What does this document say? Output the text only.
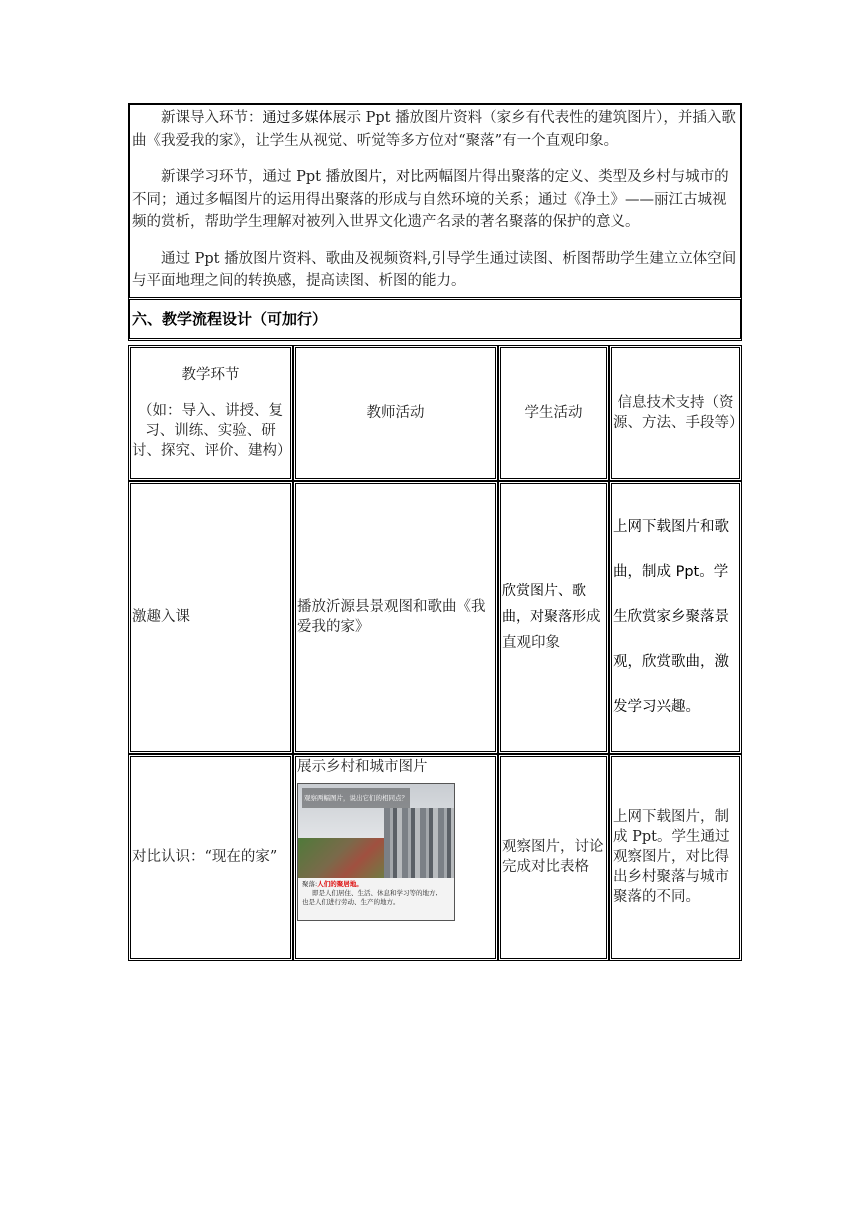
新课导入环节：通过多媒体展示 Ppt 播放图片资料（家乡有代表性的建筑图片），并插入歌曲《我爱我的家》，让学生从视觉、听觉等多方位对“聚落”有一个直观印象。

新课学习环节，通过 Ppt 播放图片，对比两幅图片得出聚落的定义、类型及乡村与城市的不同；通过多幅图片的运用得出聚落的形成与自然环境的关系；通过《净土》——丽江古城视频的赏析，帮助学生理解对被列入世界文化遗产名录的著名聚落的保护的意义。

通过 Ppt 播放图片资料、歌曲及视频资料,引导学生通过读图、析图帮助学生建立立体空间与平面地理之间的转换感，提高读图、析图的能力。

六、教学流程设计（可加行）
教学环节
（如：导入、讲授、复习、训练、实验、研讨、探究、评价、建构）	教师活动	学生活动	信息技术支持（资源、方法、手段等）
激趣入课	播放沂源县景观图和歌曲《我爱我的家》	欣赏图片、歌曲，对聚落形成直观印象	上网下载图片和歌曲，制成 Ppt。学生欣赏家乡聚落景观，欣赏歌曲，激发学习兴趣。
对比认识：“现在的家”	展示乡村和城市图片
观察两幅图片，说出它们的相同点？
聚落:人们的聚居地。
即是人们居住、生活、休息和学习等的地方,
也是人们进行劳动、生产的地方。	观察图片，讨论完成对比表格	上网下载图片，制成 Ppt。学生通过观察图片，对比得出乡村聚落与城市聚落的不同。
